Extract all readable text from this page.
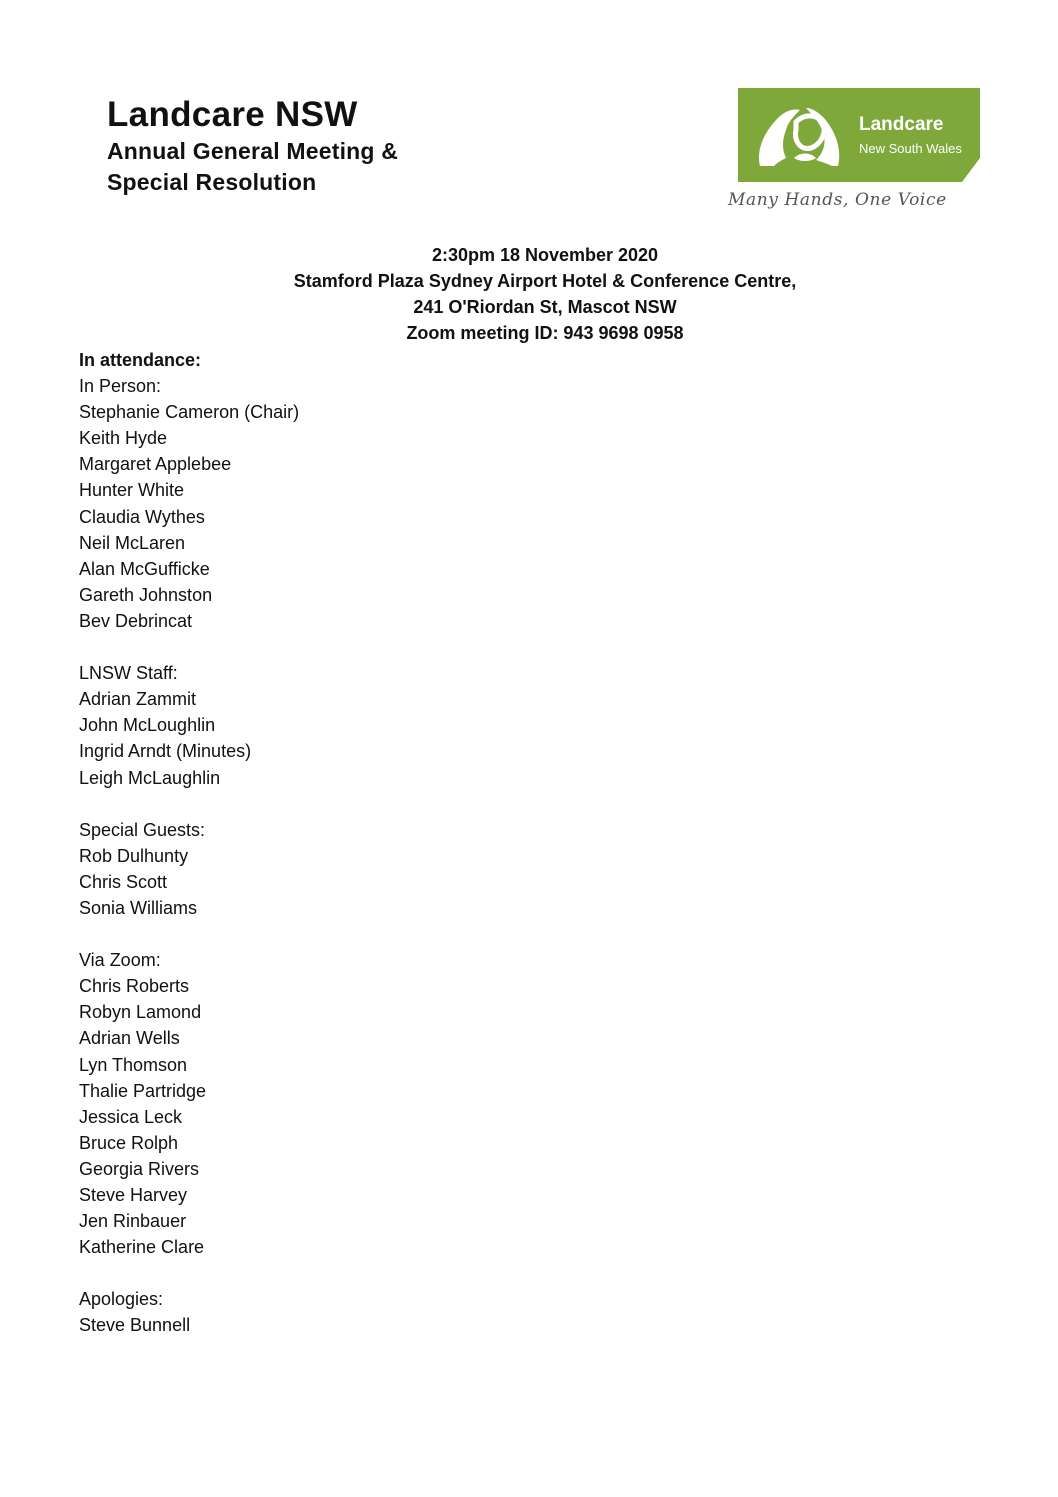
Landcare NSW
Annual General Meeting &
Special Resolution
Landcare
New South Wales
Many Hands, One Voice
2:30pm 18 November 2020
Stamford Plaza Sydney Airport Hotel & Conference Centre,
241 O'Riordan St, Mascot NSW
Zoom meeting ID: 943 9698 0958
In attendance:
In Person:
Stephanie Cameron (Chair)
Keith Hyde
Margaret Applebee
Hunter White
Claudia Wythes
Neil McLaren
Alan McGufficke
Gareth Johnston
Bev Debrincat
LNSW Staff:
Adrian Zammit
John McLoughlin
Ingrid Arndt (Minutes)
Leigh McLaughlin
Special Guests:
Rob Dulhunty
Chris Scott
Sonia Williams
Via Zoom:
Chris Roberts
Robyn Lamond
Adrian Wells
Lyn Thomson
Thalie Partridge
Jessica Leck
Bruce Rolph
Georgia Rivers
Steve Harvey
Jen Rinbauer
Katherine Clare
Apologies:
Steve Bunnell
